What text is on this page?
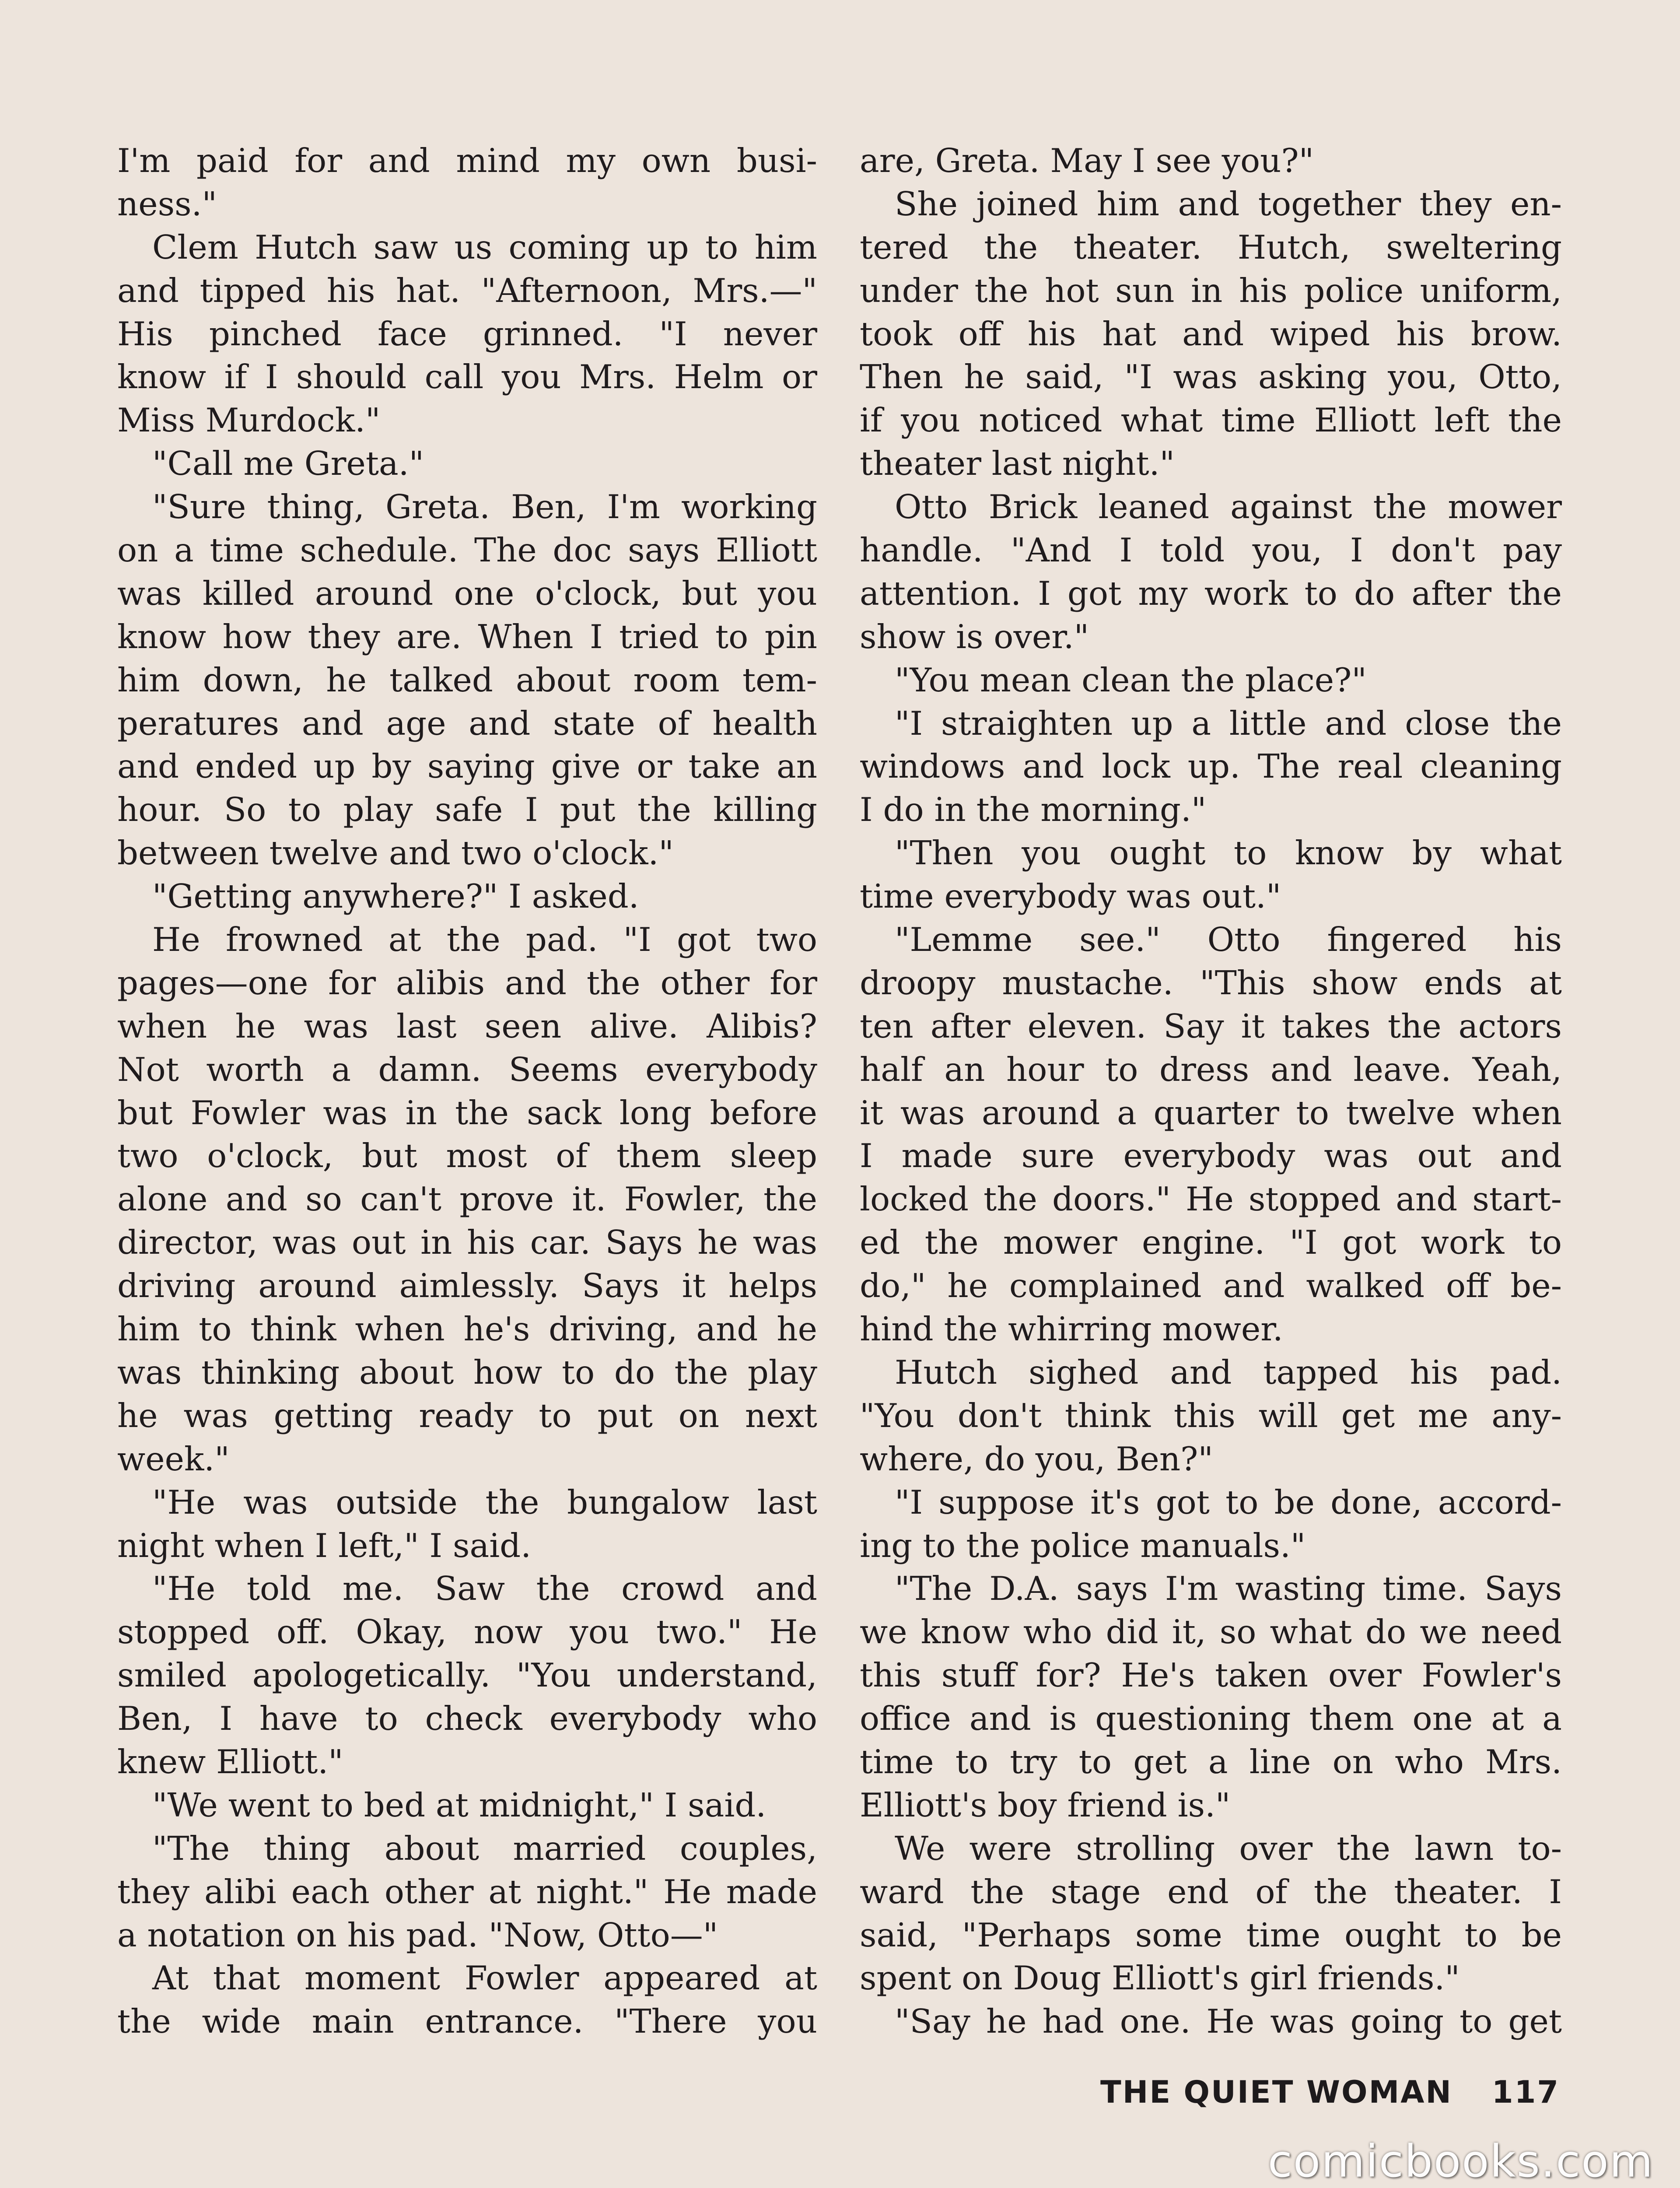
I'm paid for and mind my own busi-
ness."
Clem Hutch saw us coming up to him
and tipped his hat. "Afternoon, Mrs.—"
His pinched face grinned. "I never
know if I should call you Mrs. Helm or
Miss Murdock."
"Call me Greta."
"Sure thing, Greta. Ben, I'm working
on a time schedule. The doc says Elliott
was killed around one o'clock, but you
know how they are. When I tried to pin
him down, he talked about room tem-
peratures and age and state of health
and ended up by saying give or take an
hour. So to play safe I put the killing
between twelve and two o'clock."
"Getting anywhere?" I asked.
He frowned at the pad. "I got two
pages—one for alibis and the other for
when he was last seen alive. Alibis?
Not worth a damn. Seems everybody
but Fowler was in the sack long before
two o'clock, but most of them sleep
alone and so can't prove it. Fowler, the
director, was out in his car. Says he was
driving around aimlessly. Says it helps
him to think when he's driving, and he
was thinking about how to do the play
he was getting ready to put on next
week."
"He was outside the bungalow last
night when I left," I said.
"He told me. Saw the crowd and
stopped off. Okay, now you two." He
smiled apologetically. "You understand,
Ben, I have to check everybody who
knew Elliott."
"We went to bed at midnight," I said.
"The thing about married couples,
they alibi each other at night." He made
a notation on his pad. "Now, Otto—"
At that moment Fowler appeared at
the wide main entrance. "There you
are, Greta. May I see you?"
She joined him and together they en-
tered the theater. Hutch, sweltering
under the hot sun in his police uniform,
took off his hat and wiped his brow.
Then he said, "I was asking you, Otto,
if you noticed what time Elliott left the
theater last night."
Otto Brick leaned against the mower
handle. "And I told you, I don't pay
attention. I got my work to do after the
show is over."
"You mean clean the place?"
"I straighten up a little and close the
windows and lock up. The real cleaning
I do in the morning."
"Then you ought to know by what
time everybody was out."
"Lemme see." Otto fingered his
droopy mustache. "This show ends at
ten after eleven. Say it takes the actors
half an hour to dress and leave. Yeah,
it was around a quarter to twelve when
I made sure everybody was out and
locked the doors." He stopped and start-
ed the mower engine. "I got work to
do," he complained and walked off be-
hind the whirring mower.
Hutch sighed and tapped his pad.
"You don't think this will get me any-
where, do you, Ben?"
"I suppose it's got to be done, accord-
ing to the police manuals."
"The D.A. says I'm wasting time. Says
we know who did it, so what do we need
this stuff for? He's taken over Fowler's
office and is questioning them one at a
time to try to get a line on who Mrs.
Elliott's boy friend is."
We were strolling over the lawn to-
ward the stage end of the theater. I
said, "Perhaps some time ought to be
spent on Doug Elliott's girl friends."
"Say he had one. He was going to get
THE QUIET WOMAN 117
comicbooks.com
